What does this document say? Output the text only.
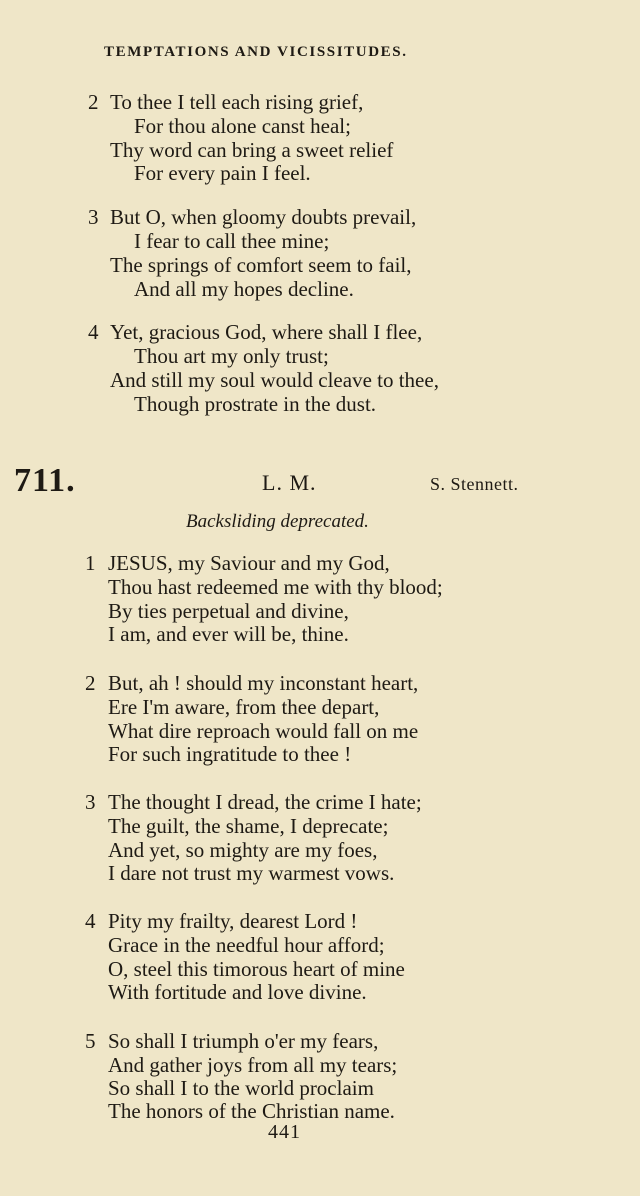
TEMPTATIONS AND VICISSITUDES.
2 To thee I tell each rising grief,
For thou alone canst heal;
Thy word can bring a sweet relief
For every pain I feel.
3 But O, when gloomy doubts prevail,
I fear to call thee mine;
The springs of comfort seem to fail,
And all my hopes decline.
4 Yet, gracious God, where shall I flee,
Thou art my only trust;
And still my soul would cleave to thee,
Though prostrate in the dust.
711.	L. M.	S. Stennett.
Backsliding deprecated.
1 JESUS, my Saviour and my God,
Thou hast redeemed me with thy blood;
By ties perpetual and divine,
I am, and ever will be, thine.
2 But, ah ! should my inconstant heart,
Ere I'm aware, from thee depart,
What dire reproach would fall on me
For such ingratitude to thee !
3 The thought I dread, the crime I hate;
The guilt, the shame, I deprecate;
And yet, so mighty are my foes,
I dare not trust my warmest vows.
4 Pity my frailty, dearest Lord !
Grace in the needful hour afford;
O, steel this timorous heart of mine
With fortitude and love divine.
5 So shall I triumph o'er my fears,
And gather joys from all my tears;
So shall I to the world proclaim
The honors of the Christian name.
441
